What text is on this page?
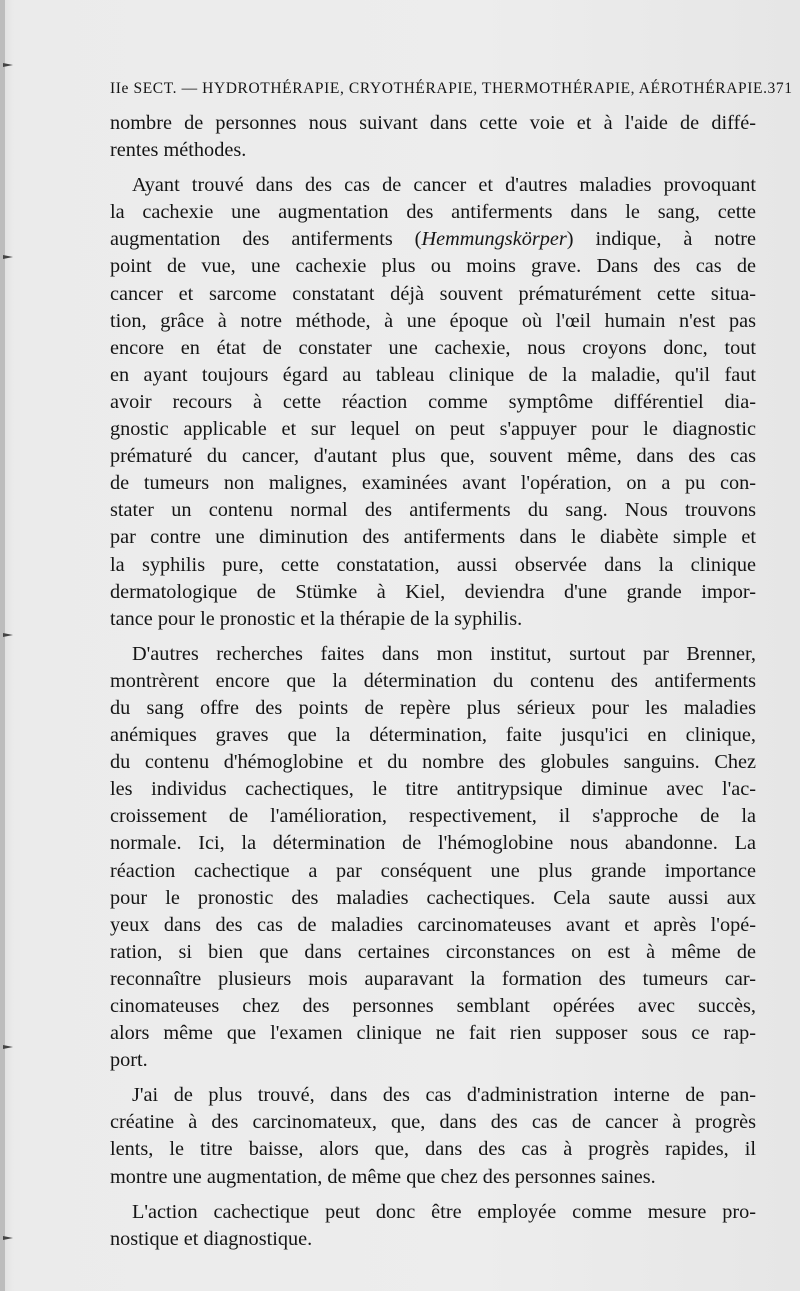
IIe SECT. — HYDROTHÉRAPIE, CRYOTHÉRAPIE, THERMOTHÉRAPIE, AÉROTHÉRAPIE. 371

nombre de personnes nous suivant dans cette voie et à l'aide de diffé-
rentes méthodes.

Ayant trouvé dans des cas de cancer et d'autres maladies provoquant
la cachexie une augmentation des antiferments dans le sang, cette
augmentation des antiferments (Hemmungskörper) indique, à notre
point de vue, une cachexie plus ou moins grave. Dans des cas de
cancer et sarcome constatant déjà souvent prématurément cette situa-
tion, grâce à notre méthode, à une époque où l'œil humain n'est pas
encore en état de constater une cachexie, nous croyons donc, tout
en ayant toujours égard au tableau clinique de la maladie, qu'il faut
avoir recours à cette réaction comme symptôme différentiel dia-
gnostic applicable et sur lequel on peut s'appuyer pour le diagnostic
prématuré du cancer, d'autant plus que, souvent même, dans des cas
de tumeurs non malignes, examinées avant l'opération, on a pu con-
stater un contenu normal des antiferments du sang. Nous trouvons
par contre une diminution des antiferments dans le diabète simple et
la syphilis pure, cette constatation, aussi observée dans la clinique
dermatologique de Stümke à Kiel, deviendra d'une grande impor-
tance pour le pronostic et la thérapie de la syphilis.

D'autres recherches faites dans mon institut, surtout par Brenner,
montrèrent encore que la détermination du contenu des antiferments
du sang offre des points de repère plus sérieux pour les maladies
anémiques graves que la détermination, faite jusqu'ici en clinique,
du contenu d'hémoglobine et du nombre des globules sanguins. Chez
les individus cachectiques, le titre antitrypsique diminue avec l'ac-
croissement de l'amélioration, respectivement, il s'approche de la
normale. Ici, la détermination de l'hémoglobine nous abandonne. La
réaction cachectique a par conséquent une plus grande importance
pour le pronostic des maladies cachectiques. Cela saute aussi aux
yeux dans des cas de maladies carcinomateuses avant et après l'opé-
ration, si bien que dans certaines circonstances on est à même de
reconnaître plusieurs mois auparavant la formation des tumeurs car-
cinomateuses chez des personnes semblant opérées avec succès,
alors même que l'examen clinique ne fait rien supposer sous ce rap-
port.

J'ai de plus trouvé, dans des cas d'administration interne de pan-
créatine à des carcinomateux, que, dans des cas de cancer à progrès
lents, le titre baisse, alors que, dans des cas à progrès rapides, il
montre une augmentation, de même que chez des personnes saines.

L'action cachectique peut donc être employée comme mesure pro-
nostique et diagnostique.
